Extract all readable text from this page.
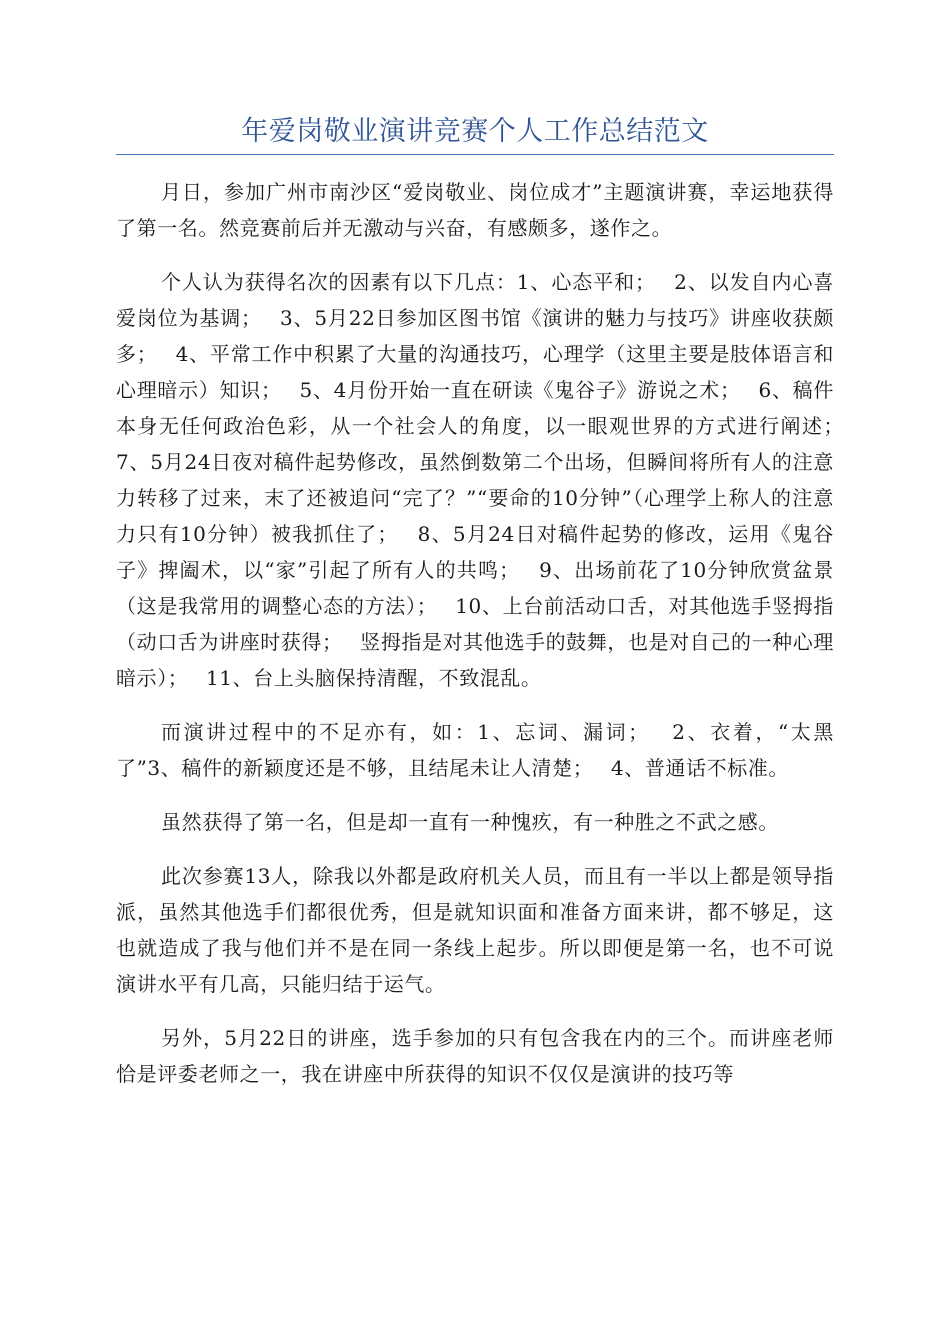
年爱岗敬业演讲竞赛个人工作总结范文

月日，参加广州市南沙区“爱岗敬业、岗位成才”主题演讲赛，幸运地获得了第一名。然竞赛前后并无激动与兴奋，有感颇多，遂作之。

个人认为获得名次的因素有以下几点：1、心态平和；　 2、以发自内心喜爱岗位为基调；　 3、5月22日参加区图书馆《演讲的魅力与技巧》讲座收获颇多；　 4、平常工作中积累了大量的沟通技巧，心理学（这里主要是肢体语言和心理暗示）知识；　 5、4月份开始一直在研读《鬼谷子》游说之术；　 6、稿件本身无任何政治色彩，从一个社会人的角度，以一眼观世界的方式进行阐述；　 7、5月24日夜对稿件起势修改，虽然倒数第二个出场，但瞬间将所有人的注意力转移了过来，末了还被追问“完了？”“要命的10分钟”（心理学上称人的注意力只有10分钟）被我抓住了；　 8、5月24日对稿件起势的修改，运用《鬼谷子》捭阖术，以“家”引起了所有人的共鸣；　 9、出场前花了10分钟欣赏盆景（这是我常用的调整心态的方法）；　 10、上台前活动口舌，对其他选手竖拇指（动口舌为讲座时获得；　 竖拇指是对其他选手的鼓舞，也是对自己的一种心理暗示）；　 11、台上头脑保持清醒，不致混乱。

而演讲过程中的不足亦有，如：1、忘词、漏词；　 2、衣着，“太黑了”3、稿件的新颖度还是不够，且结尾未让人清楚；　 4、普通话不标准。

虽然获得了第一名，但是却一直有一种愧疚，有一种胜之不武之感。

此次参赛13人，除我以外都是政府机关人员，而且有一半以上都是领导指派，虽然其他选手们都很优秀，但是就知识面和准备方面来讲，都不够足，这也就造成了我与他们并不是在同一条线上起步。所以即便是第一名，也不可说演讲水平有几高，只能归结于运气。

另外，5月22日的讲座，选手参加的只有包含我在内的三个。而讲座老师恰是评委老师之一，我在讲座中所获得的知识不仅仅是演讲的技巧等
